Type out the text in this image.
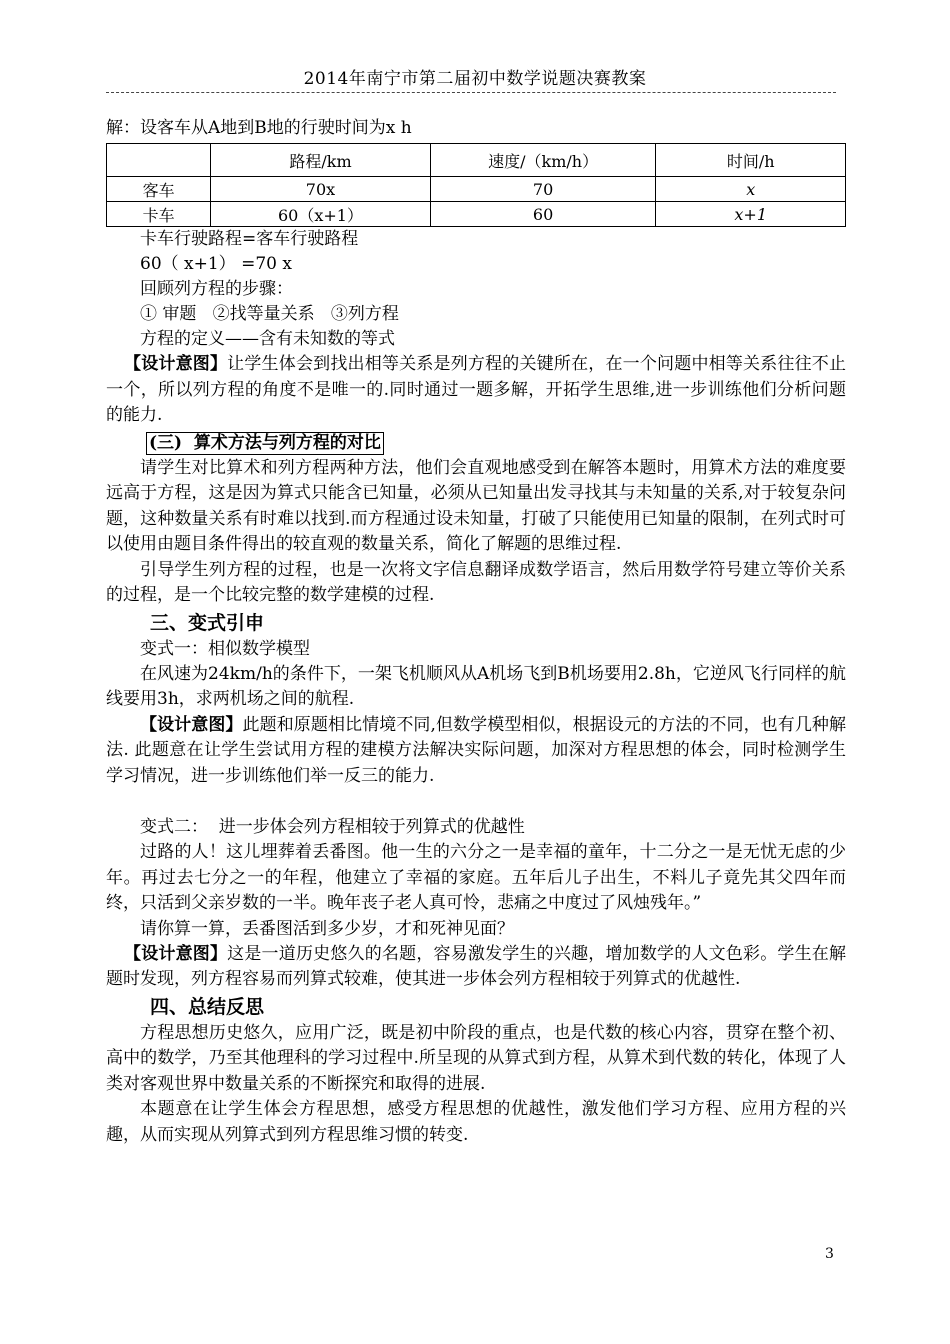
2014年南宁市第二届初中数学说题决赛教案

解：设客车从A地到B地的行驶时间为x h

	路程/km	速度/（km/h）	时间/h
客车	70x	70	x
卡车	60（x+1）	60	x+1

卡车行驶路程=客车行驶路程

60（ x+1） =70 x

回顾列方程的步骤：

① 审题   ②找等量关系   ③列方程

方程的定义——含有未知数的等式

【设计意图】让学生体会到找出相等关系是列方程的关键所在，在一个问题中相等关系往往不止一个，所以列方程的角度不是唯一的.同时通过一题多解，开拓学生思维,进一步训练他们分析问题的能力.

(三)  算术方法与列方程的对比

请学生对比算术和列方程两种方法，他们会直观地感受到在解答本题时，用算术方法的难度要远高于方程，这是因为算式只能含已知量，必须从已知量出发寻找其与未知量的关系,对于较复杂问题，这种数量关系有时难以找到.而方程通过设未知量，打破了只能使用已知量的限制，在列式时可以使用由题目条件得出的较直观的数量关系，简化了解题的思维过程.

引导学生列方程的过程，也是一次将文字信息翻译成数学语言，然后用数学符号建立等价关系的过程，是一个比较完整的数学建模的过程.

三、变式引申

变式一：相似数学模型

在风速为24km/h的条件下，一架飞机顺风从A机场飞到B机场要用2.8h，它逆风飞行同样的航线要用3h，求两机场之间的航程.

【设计意图】此题和原题相比情境不同,但数学模型相似，根据设元的方法的不同，也有几种解法. 此题意在让学生尝试用方程的建模方法解决实际问题，加深对方程思想的体会，同时检测学生学习情况，进一步训练他们举一反三的能力.

变式二：  进一步体会列方程相较于列算式的优越性

过路的人！这儿埋葬着丢番图。他一生的六分之一是幸福的童年，十二分之一是无忧无虑的少年。再过去七分之一的年程，他建立了幸福的家庭。五年后儿子出生，不料儿子竟先其父四年而终，只活到父亲岁数的一半。晚年丧子老人真可怜，悲痛之中度过了风烛残年。”

请你算一算，丢番图活到多少岁，才和死神见面？

【设计意图】这是一道历史悠久的名题，容易激发学生的兴趣，增加数学的人文色彩。学生在解题时发现，列方程容易而列算式较难，使其进一步体会列方程相较于列算式的优越性.

四、总结反思

方程思想历史悠久，应用广泛，既是初中阶段的重点，也是代数的核心内容，贯穿在整个初、高中的数学，乃至其他理科的学习过程中.所呈现的从算式到方程，从算术到代数的转化，体现了人类对客观世界中数量关系的不断探究和取得的进展.

本题意在让学生体会方程思想，感受方程思想的优越性，激发他们学习方程、应用方程的兴趣，从而实现从列算式到列方程思维习惯的转变.

3
